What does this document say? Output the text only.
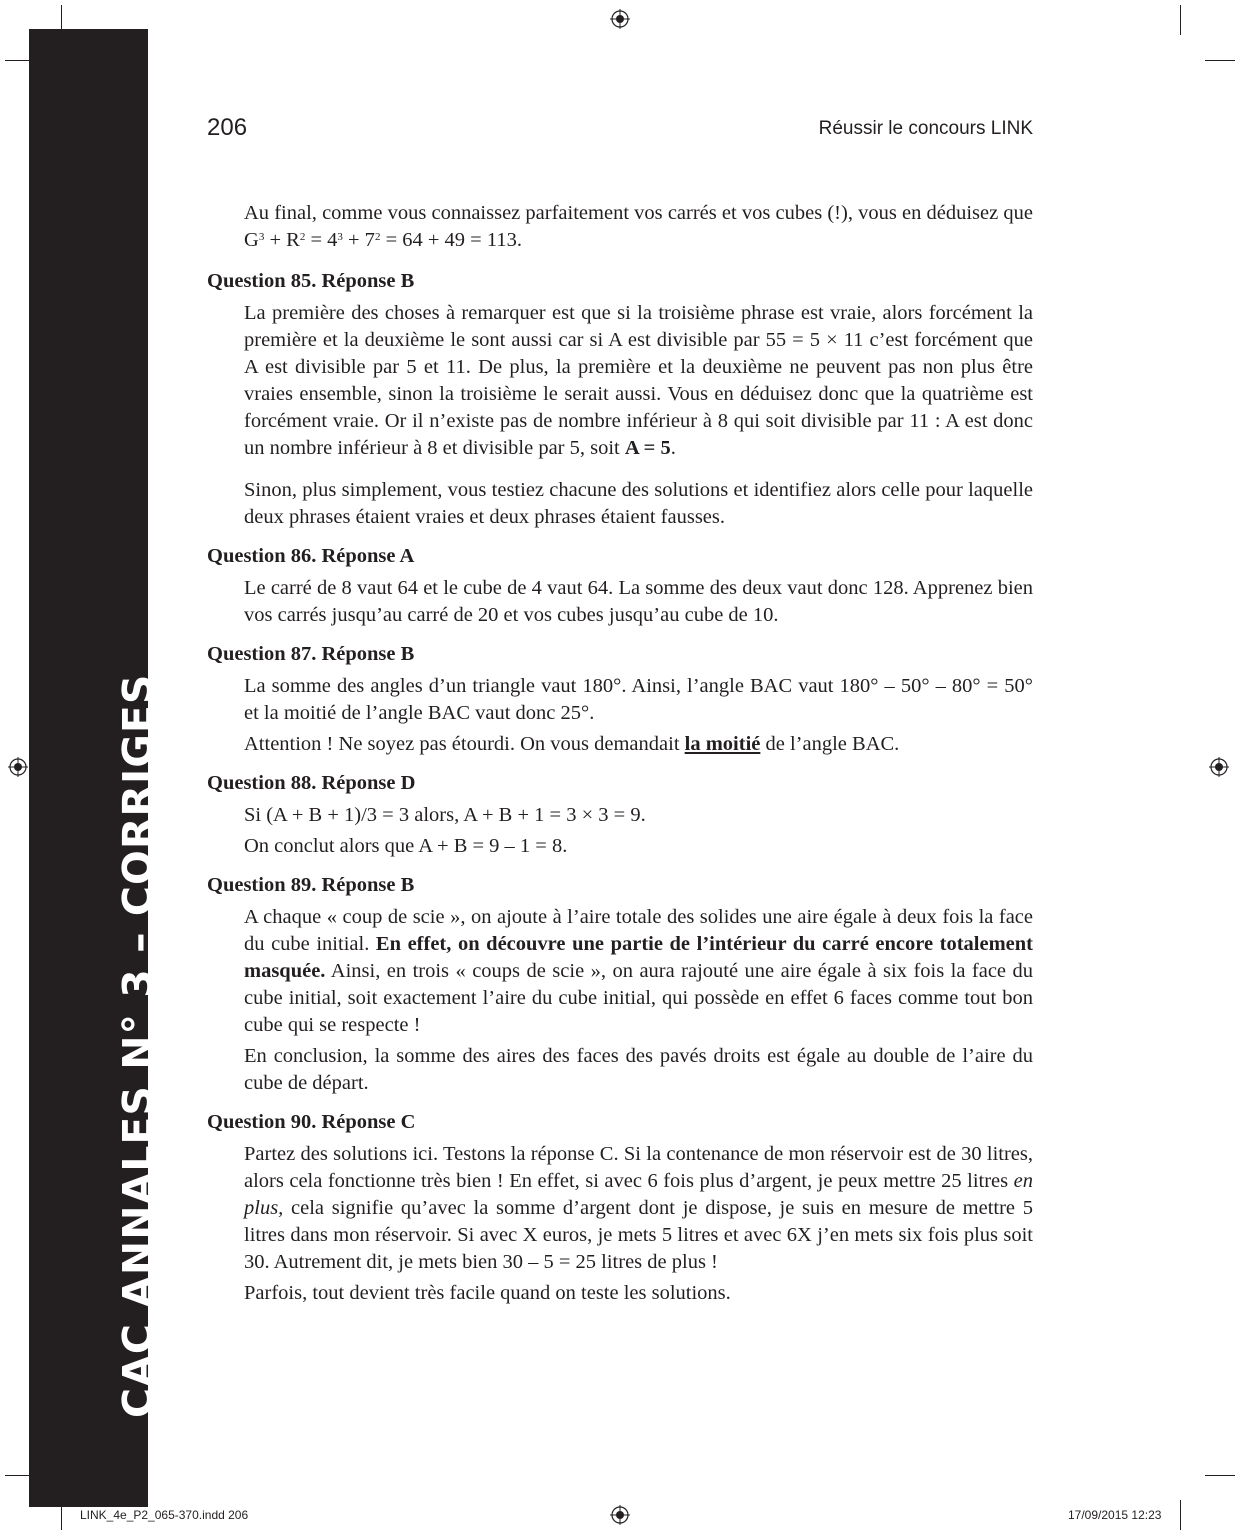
CAC ANNALES N° 3 – CORRIGES
206	Réussir le concours LINK

Au final, comme vous connaissez parfaitement vos carrés et vos cubes (!), vous en déduisez que $G^3 + R^2 = 4^3 + 7^2 = 64 + 49 = 113$.

Question 85. Réponse B

La première des choses à remarquer est que si la troisième phrase est vraie, alors forcément la première et la deuxième le sont aussi car si A est divisible par 55 = 5 × 11 c’est forcément que A est divisible par 5 et 11. De plus, la première et la deuxième ne peuvent pas non plus être vraies ensemble, sinon la troisième le serait aussi. Vous en déduisez donc que la quatrième est forcément vraie. Or il n’existe pas de nombre inférieur à 8 qui soit divisible par 11 : A est donc un nombre inférieur à 8 et divisible par 5, soit A = 5.

Sinon, plus simplement, vous testiez chacune des solutions et identifiez alors celle pour laquelle deux phrases étaient vraies et deux phrases étaient fausses.

Question 86. Réponse A

Le carré de 8 vaut 64 et le cube de 4 vaut 64. La somme des deux vaut donc 128. Apprenez bien vos carrés jusqu’au carré de 20 et vos cubes jusqu’au cube de 10.

Question 87. Réponse B

La somme des angles d’un triangle vaut 180°. Ainsi, l’angle BAC vaut 180° – 50° – 80° = 50° et la moitié de l’angle BAC vaut donc 25°.

Attention ! Ne soyez pas étourdi. On vous demandait la moitié de l’angle BAC.

Question 88. Réponse D

Si (A + B + 1)/3 = 3 alors, A + B + 1 = 3 × 3 = 9.

On conclut alors que A + B = 9 – 1 = 8.

Question 89. Réponse B

A chaque « coup de scie », on ajoute à l’aire totale des solides une aire égale à deux fois la face du cube initial. En effet, on découvre une partie de l’intérieur du carré encore totalement masquée. Ainsi, en trois « coups de scie », on aura rajouté une aire égale à six fois la face du cube initial, soit exactement l’aire du cube initial, qui possède en effet 6 faces comme tout bon cube qui se respecte !

En conclusion, la somme des aires des faces des pavés droits est égale au double de l’aire du cube de départ.

Question 90. Réponse C

Partez des solutions ici. Testons la réponse C. Si la contenance de mon réservoir est de 30 litres, alors cela fonctionne très bien ! En effet, si avec 6 fois plus d’argent, je peux mettre 25 litres en plus, cela signifie qu’avec la somme d’argent dont je dispose, je suis en mesure de mettre 5 litres dans mon réservoir. Si avec X euros, je mets 5 litres et avec 6X j’en mets six fois plus soit 30. Autrement dit, je mets bien 30 – 5 = 25 litres de plus !

Parfois, tout devient très facile quand on teste les solutions.

LINK_4e_P2_065-370.indd 206	17/09/2015 12:23
